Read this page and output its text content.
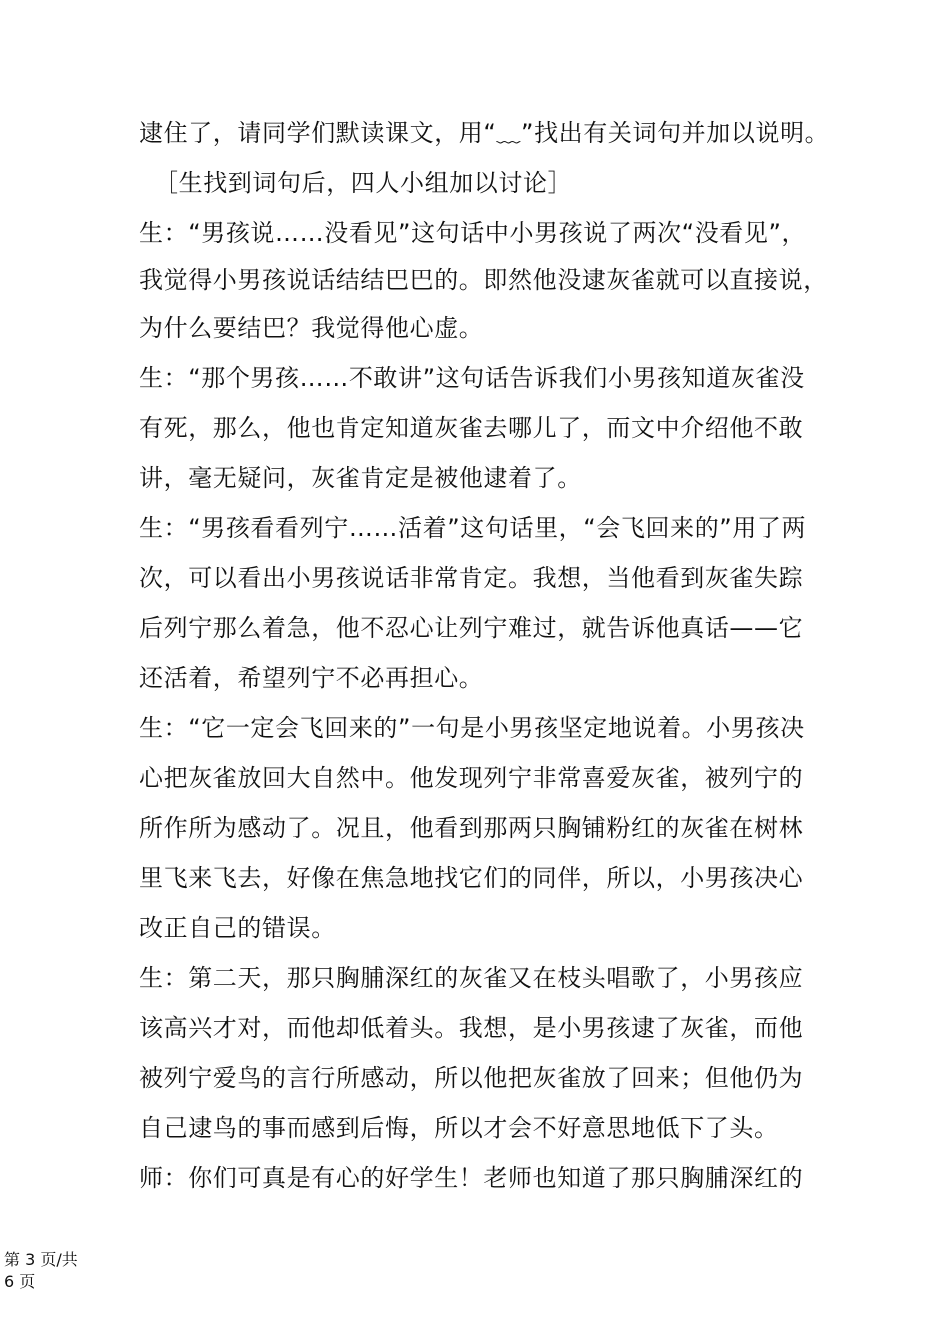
逮住了，请同学们默读课文，用“﹏”找出有关词句并加以说明。
［生找到词句后，四人小组加以讨论］
生：“男孩说……没看见”这句话中小男孩说了两次“没看见”，
我觉得小男孩说话结结巴巴的。即然他没逮灰雀就可以直接说，
为什么要结巴？我觉得他心虚。
生：“那个男孩……不敢讲”这句话告诉我们小男孩知道灰雀没
有死，那么，他也肯定知道灰雀去哪儿了，而文中介绍他不敢
讲，毫无疑问，灰雀肯定是被他逮着了。
生：“男孩看看列宁……活着”这句话里，“会飞回来的”用了两
次，可以看出小男孩说话非常肯定。我想，当他看到灰雀失踪
后列宁那么着急，他不忍心让列宁难过，就告诉他真话——它
还活着，希望列宁不必再担心。
生：“它一定会飞回来的”一句是小男孩坚定地说着。小男孩决
心把灰雀放回大自然中。他发现列宁非常喜爱灰雀，被列宁的
所作所为感动了。况且，他看到那两只胸铺粉红的灰雀在树林
里飞来飞去，好像在焦急地找它们的同伴，所以，小男孩决心
改正自己的错误。
生：第二天，那只胸脯深红的灰雀又在枝头唱歌了，小男孩应
该高兴才对，而他却低着头。我想，是小男孩逮了灰雀，而他
被列宁爱鸟的言行所感动，所以他把灰雀放了回来；但他仍为
自己逮鸟的事而感到后悔，所以才会不好意思地低下了头。
师：你们可真是有心的好学生！老师也知道了那只胸脯深红的
第 3 页/共
6 页
